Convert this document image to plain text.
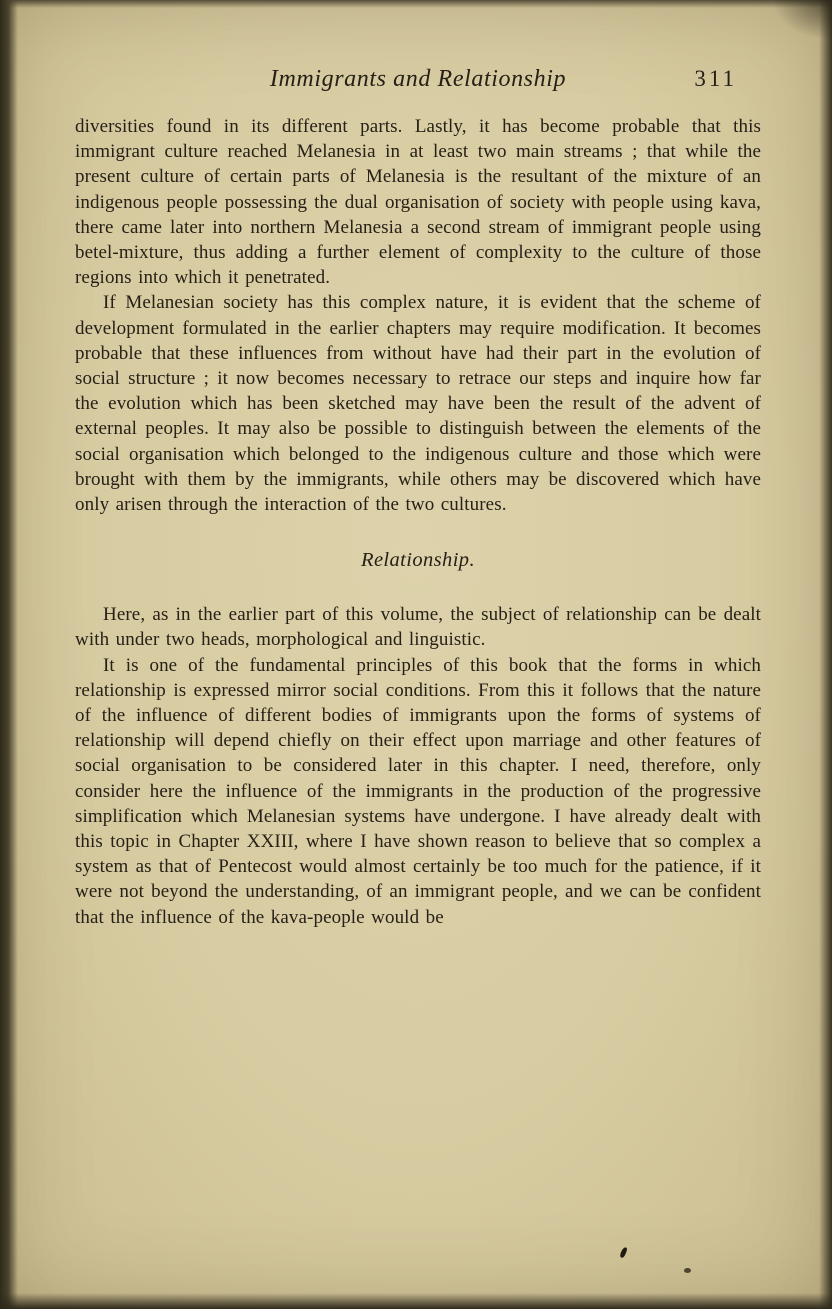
Immigrants and Relationship	311

diversities found in its different parts. Lastly, it has become probable that this immigrant culture reached Melanesia in at least two main streams ; that while the present culture of certain parts of Melanesia is the resultant of the mixture of an indigenous people possessing the dual organisation of society with people using kava, there came later into northern Melanesia a second stream of immigrant people using betel-mixture, thus adding a further element of complexity to the culture of those regions into which it penetrated.

If Melanesian society has this complex nature, it is evident that the scheme of development formulated in the earlier chapters may require modification. It becomes probable that these influences from without have had their part in the evolution of social structure ; it now becomes necessary to retrace our steps and inquire how far the evolution which has been sketched may have been the result of the advent of external peoples. It may also be possible to distinguish between the elements of the social organisation which belonged to the indigenous culture and those which were brought with them by the immigrants, while others may be discovered which have only arisen through the interaction of the two cultures.

Relationship.

Here, as in the earlier part of this volume, the subject of relationship can be dealt with under two heads, morphological and linguistic.

It is one of the fundamental principles of this book that the forms in which relationship is expressed mirror social conditions. From this it follows that the nature of the influence of different bodies of immigrants upon the forms of systems of relationship will depend chiefly on their effect upon marriage and other features of social organisation to be considered later in this chapter. I need, therefore, only consider here the influence of the immigrants in the production of the progressive simplification which Melanesian systems have undergone. I have already dealt with this topic in Chapter XXIII, where I have shown reason to believe that so complex a system as that of Pentecost would almost certainly be too much for the patience, if it were not beyond the understanding, of an immigrant people, and we can be confident that the influence of the kava-people would be
